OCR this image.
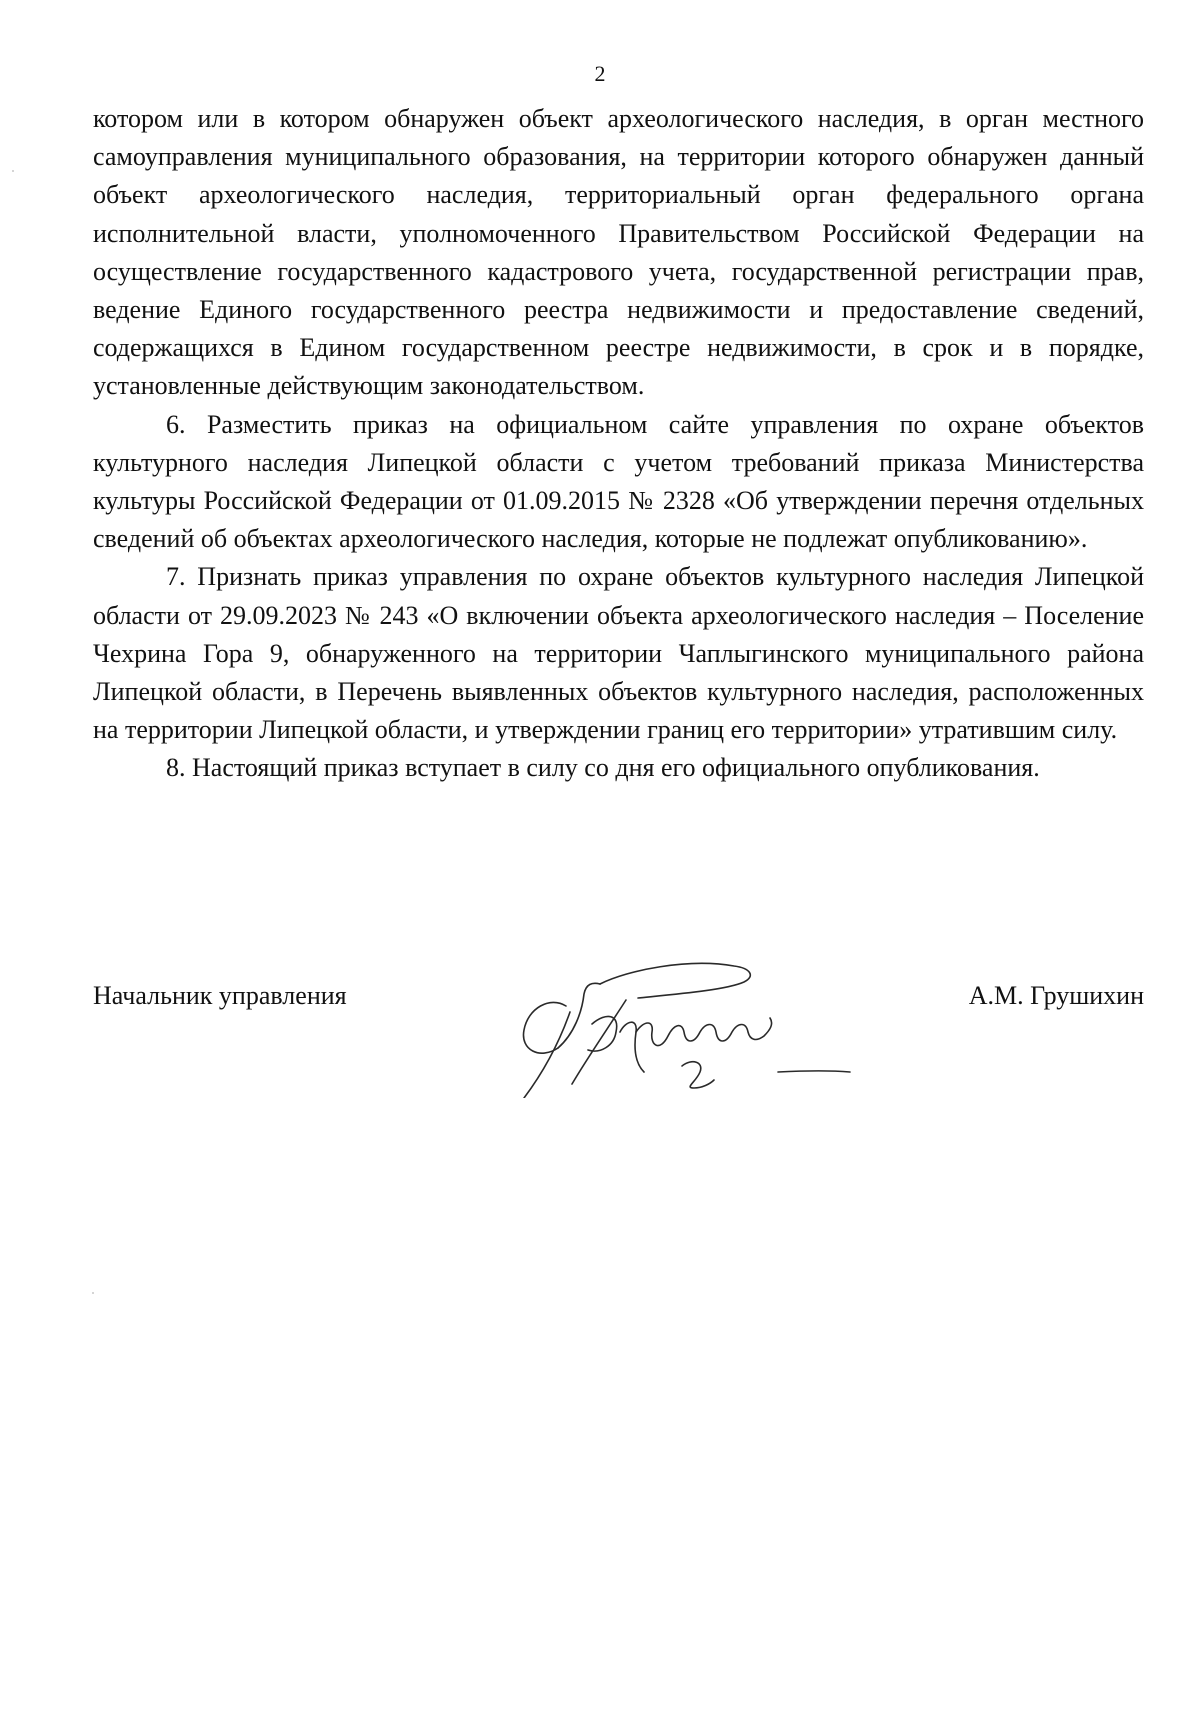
2

котором или в котором обнаружен объект археологического наследия, в орган местного самоуправления муниципального образования, на территории которого обнаружен данный объект археологического наследия, территориальный орган федерального органа исполнительной власти, уполномоченного Правительством Российской Федерации на осуществление государственного кадастрового учета, государственной регистрации прав, ведение Единого государственного реестра недвижимости и предоставление сведений, содержащихся в Едином государственном реестре недвижимости, в срок и в порядке, установленные действующим законодательством.

6. Разместить приказ на официальном сайте управления по охране объектов культурного наследия Липецкой области с учетом требований приказа Министерства культуры Российской Федерации от 01.09.2015 № 2328 «Об утверждении перечня отдельных сведений об объектах археологического наследия, которые не подлежат опубликованию».

7. Признать приказ управления по охране объектов культурного наследия Липецкой области от 29.09.2023 № 243 «О включении объекта археологического наследия – Поселение Чехрина Гора 9, обнаруженного на территории Чаплыгинского муниципального района Липецкой области, в Перечень выявленных объектов культурного наследия, расположенных на территории Липецкой области, и утверждении границ его территории» утратившим силу.

8. Настоящий приказ вступает в силу со дня его официального опубликования.

Начальник управления	А.М. Грушихин
